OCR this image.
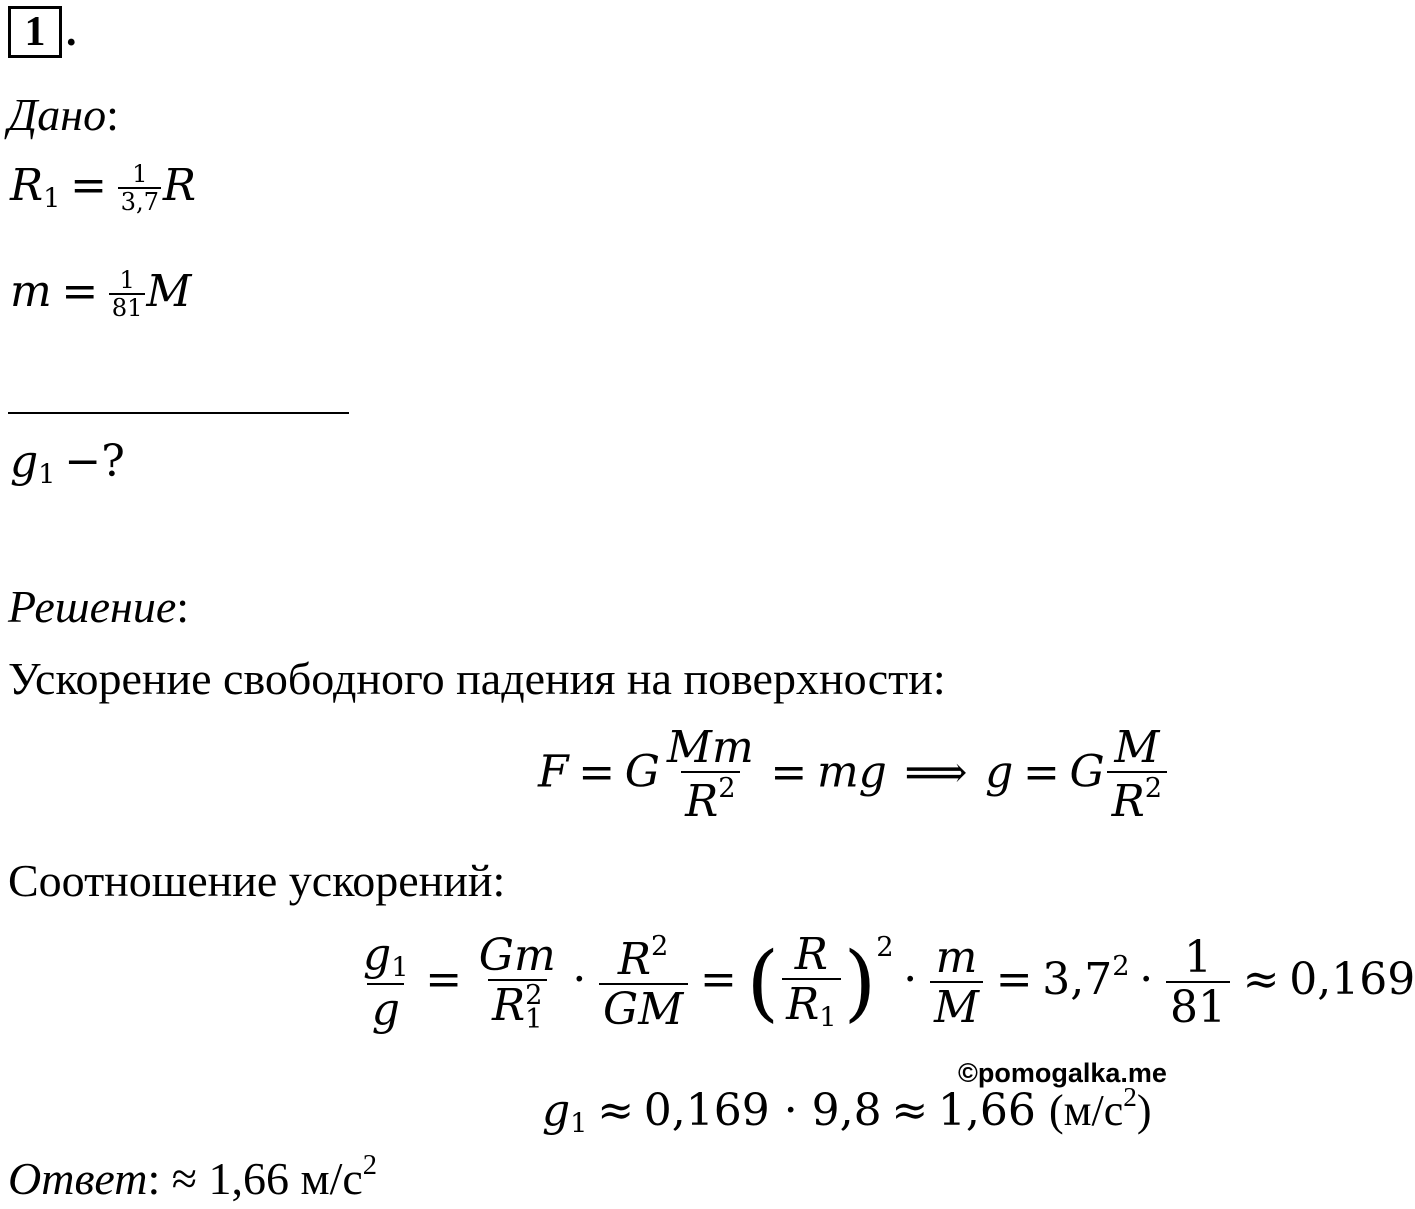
1 .
Дано:
$R_1 = \frac{1}{3,7}$ R
$m = \frac{1}{81}$ M
$g_1$ −?
Решение:
Ускорение свободного падения на поверхности:
F = G $\frac{Mm}{R^2}$ = mg ⟹ g = G $\frac{M}{R^2}$
Соотношение ускорений:
$\frac{g_1}{g} = Gm$
R 2
$1 \cdot \frac{R^2}{GM}$ = ( $\frac{R}{R_1} )^2\cdot \frac{m}{M} = 3,7^2 \cdot \frac{1}{81} \approx 0,169$
©pomogalka.me
$g_1 \approx 0,169 \cdot 9,8 \approx 1,66$ $(м/с^2)$
Ответ: ≈ 1,66 $м/с^2$
